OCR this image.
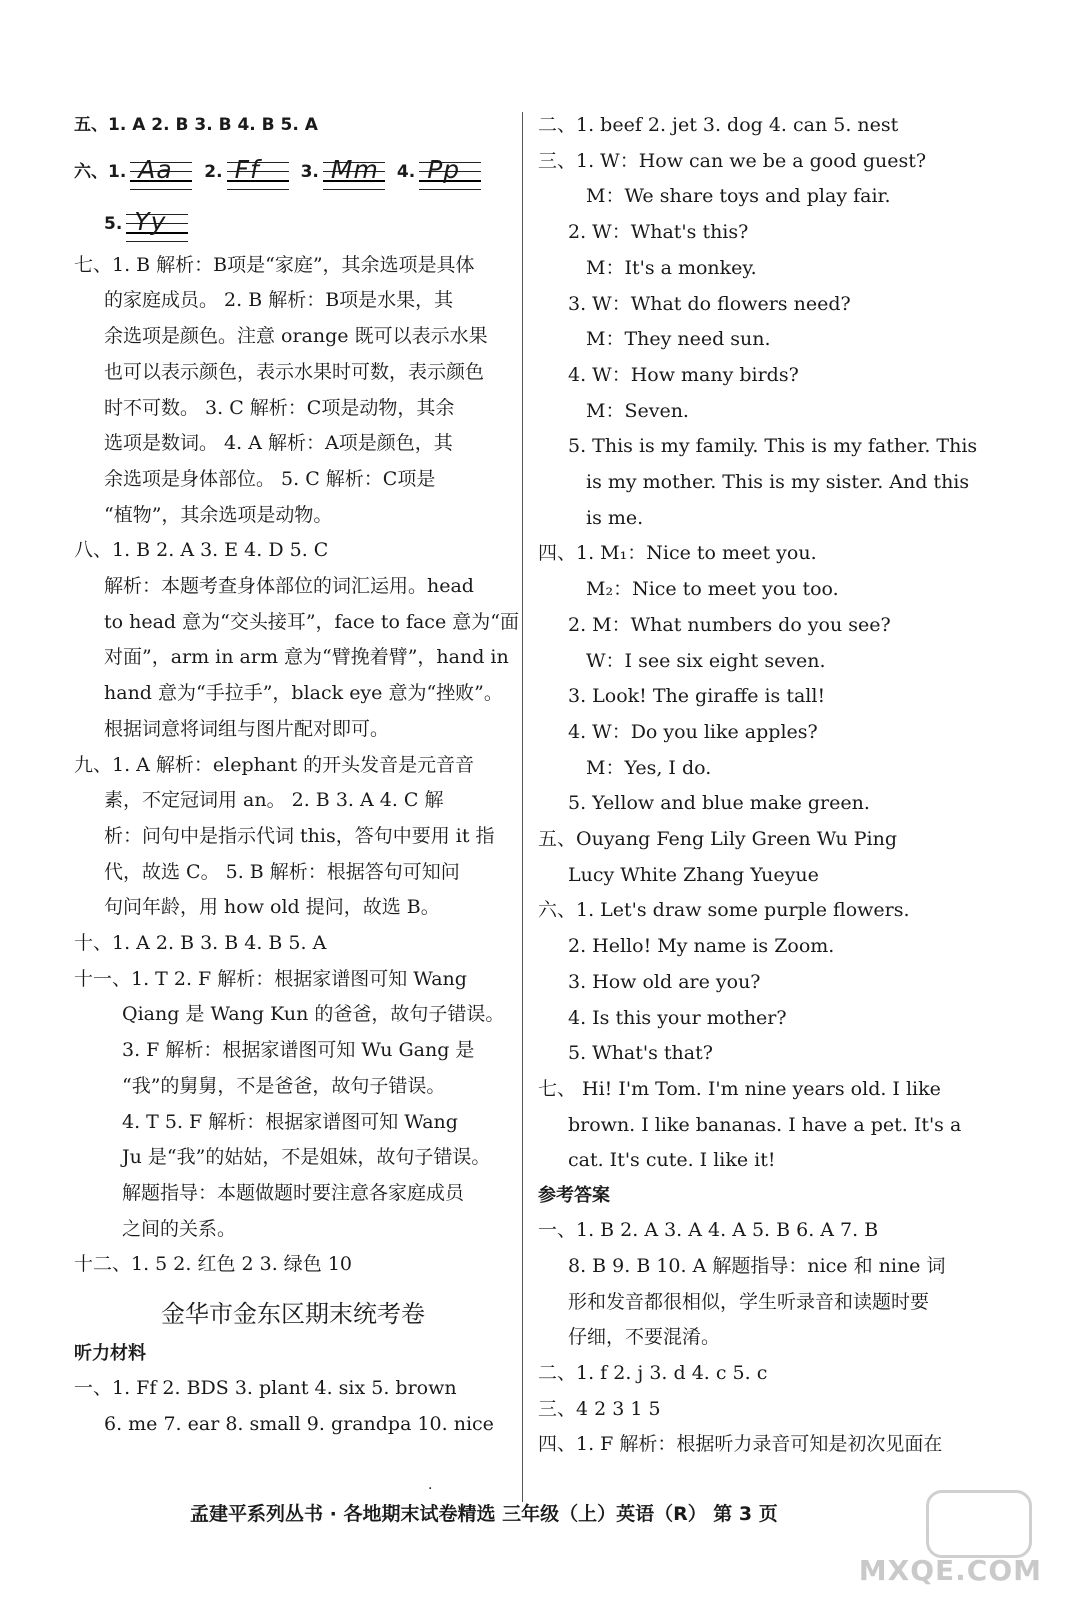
五、1. A 2. B 3. B 4. B 5. A
六、1. Aa 2. Ff 3. Mm 4. Pp
5. Yy
七、1. B 解析：B项是“家庭”，其余选项是具体
的家庭成员。 2. B 解析：B项是水果，其
余选项是颜色。注意 orange 既可以表示水果
也可以表示颜色，表示水果时可数，表示颜色
时不可数。 3. C 解析：C项是动物，其余
选项是数词。 4. A 解析：A项是颜色，其
余选项是身体部位。 5. C 解析：C项是
“植物”，其余选项是动物。
八、1. B 2. A 3. E 4. D 5. C
解析：本题考查身体部位的词汇运用。head
to head 意为“交头接耳”，face to face 意为“面
对面”，arm in arm 意为“臂挽着臂”，hand in
hand 意为“手拉手”，black eye 意为“挫败”。
根据词意将词组与图片配对即可。
九、1. A 解析：elephant 的开头发音是元音音
素，不定冠词用 an。 2. B 3. A 4. C 解
析：问句中是指示代词 this，答句中要用 it 指
代，故选 C。 5. B 解析：根据答句可知问
句问年龄，用 how old 提问，故选 B。
十、1. A 2. B 3. B 4. B 5. A
十一、1. T 2. F 解析：根据家谱图可知 Wang
Qiang 是 Wang Kun 的爸爸，故句子错误。
3. F 解析：根据家谱图可知 Wu Gang 是
“我”的舅舅，不是爸爸，故句子错误。
4. T 5. F 解析：根据家谱图可知 Wang
Ju 是“我”的姑姑，不是姐妹，故句子错误。
解题指导：本题做题时要注意各家庭成员
之间的关系。
十二、1. 5 2. 红色 2 3. 绿色 10
金华市金东区期末统考卷
听力材料
一、1. Ff 2. BDS 3. plant 4. six 5. brown
6. me 7. ear 8. small 9. grandpa 10. nice
二、1. beef 2. jet 3. dog 4. can 5. nest
三、1. W：How can we be a good guest?
M：We share toys and play fair.
2. W：What's this?
M：It's a monkey.
3. W：What do flowers need?
M：They need sun.
4. W：How many birds?
M：Seven.
5. This is my family. This is my father. This
is my mother. This is my sister. And this
is me.
四、1. M₁：Nice to meet you.
M₂：Nice to meet you too.
2. M：What numbers do you see?
W：I see six eight seven.
3. Look! The giraffe is tall!
4. W：Do you like apples?
M：Yes, I do.
5. Yellow and blue make green.
五、Ouyang Feng Lily Green Wu Ping
Lucy White Zhang Yueyue
六、1. Let's draw some purple flowers.
2. Hello! My name is Zoom.
3. How old are you?
4. Is this your mother?
5. What's that?
七、 Hi! I'm Tom. I'm nine years old. I like
brown. I like bananas. I have a pet. It's a
cat. It's cute. I like it!
参考答案
一、1. B 2. A 3. A 4. A 5. B 6. A 7. B
8. B 9. B 10. A 解题指导：nice 和 nine 词
形和发音都很相似，学生听录音和读题时要
仔细，不要混淆。
二、1. f 2. j 3. d 4. c 5. c
三、4 2 3 1 5
四、1. F 解析：根据听力录音可知是初次见面在
·
孟建平系列丛书 · 各地期末试卷精选 三年级（上）英语（R） 第 3 页
MXQE.COM
